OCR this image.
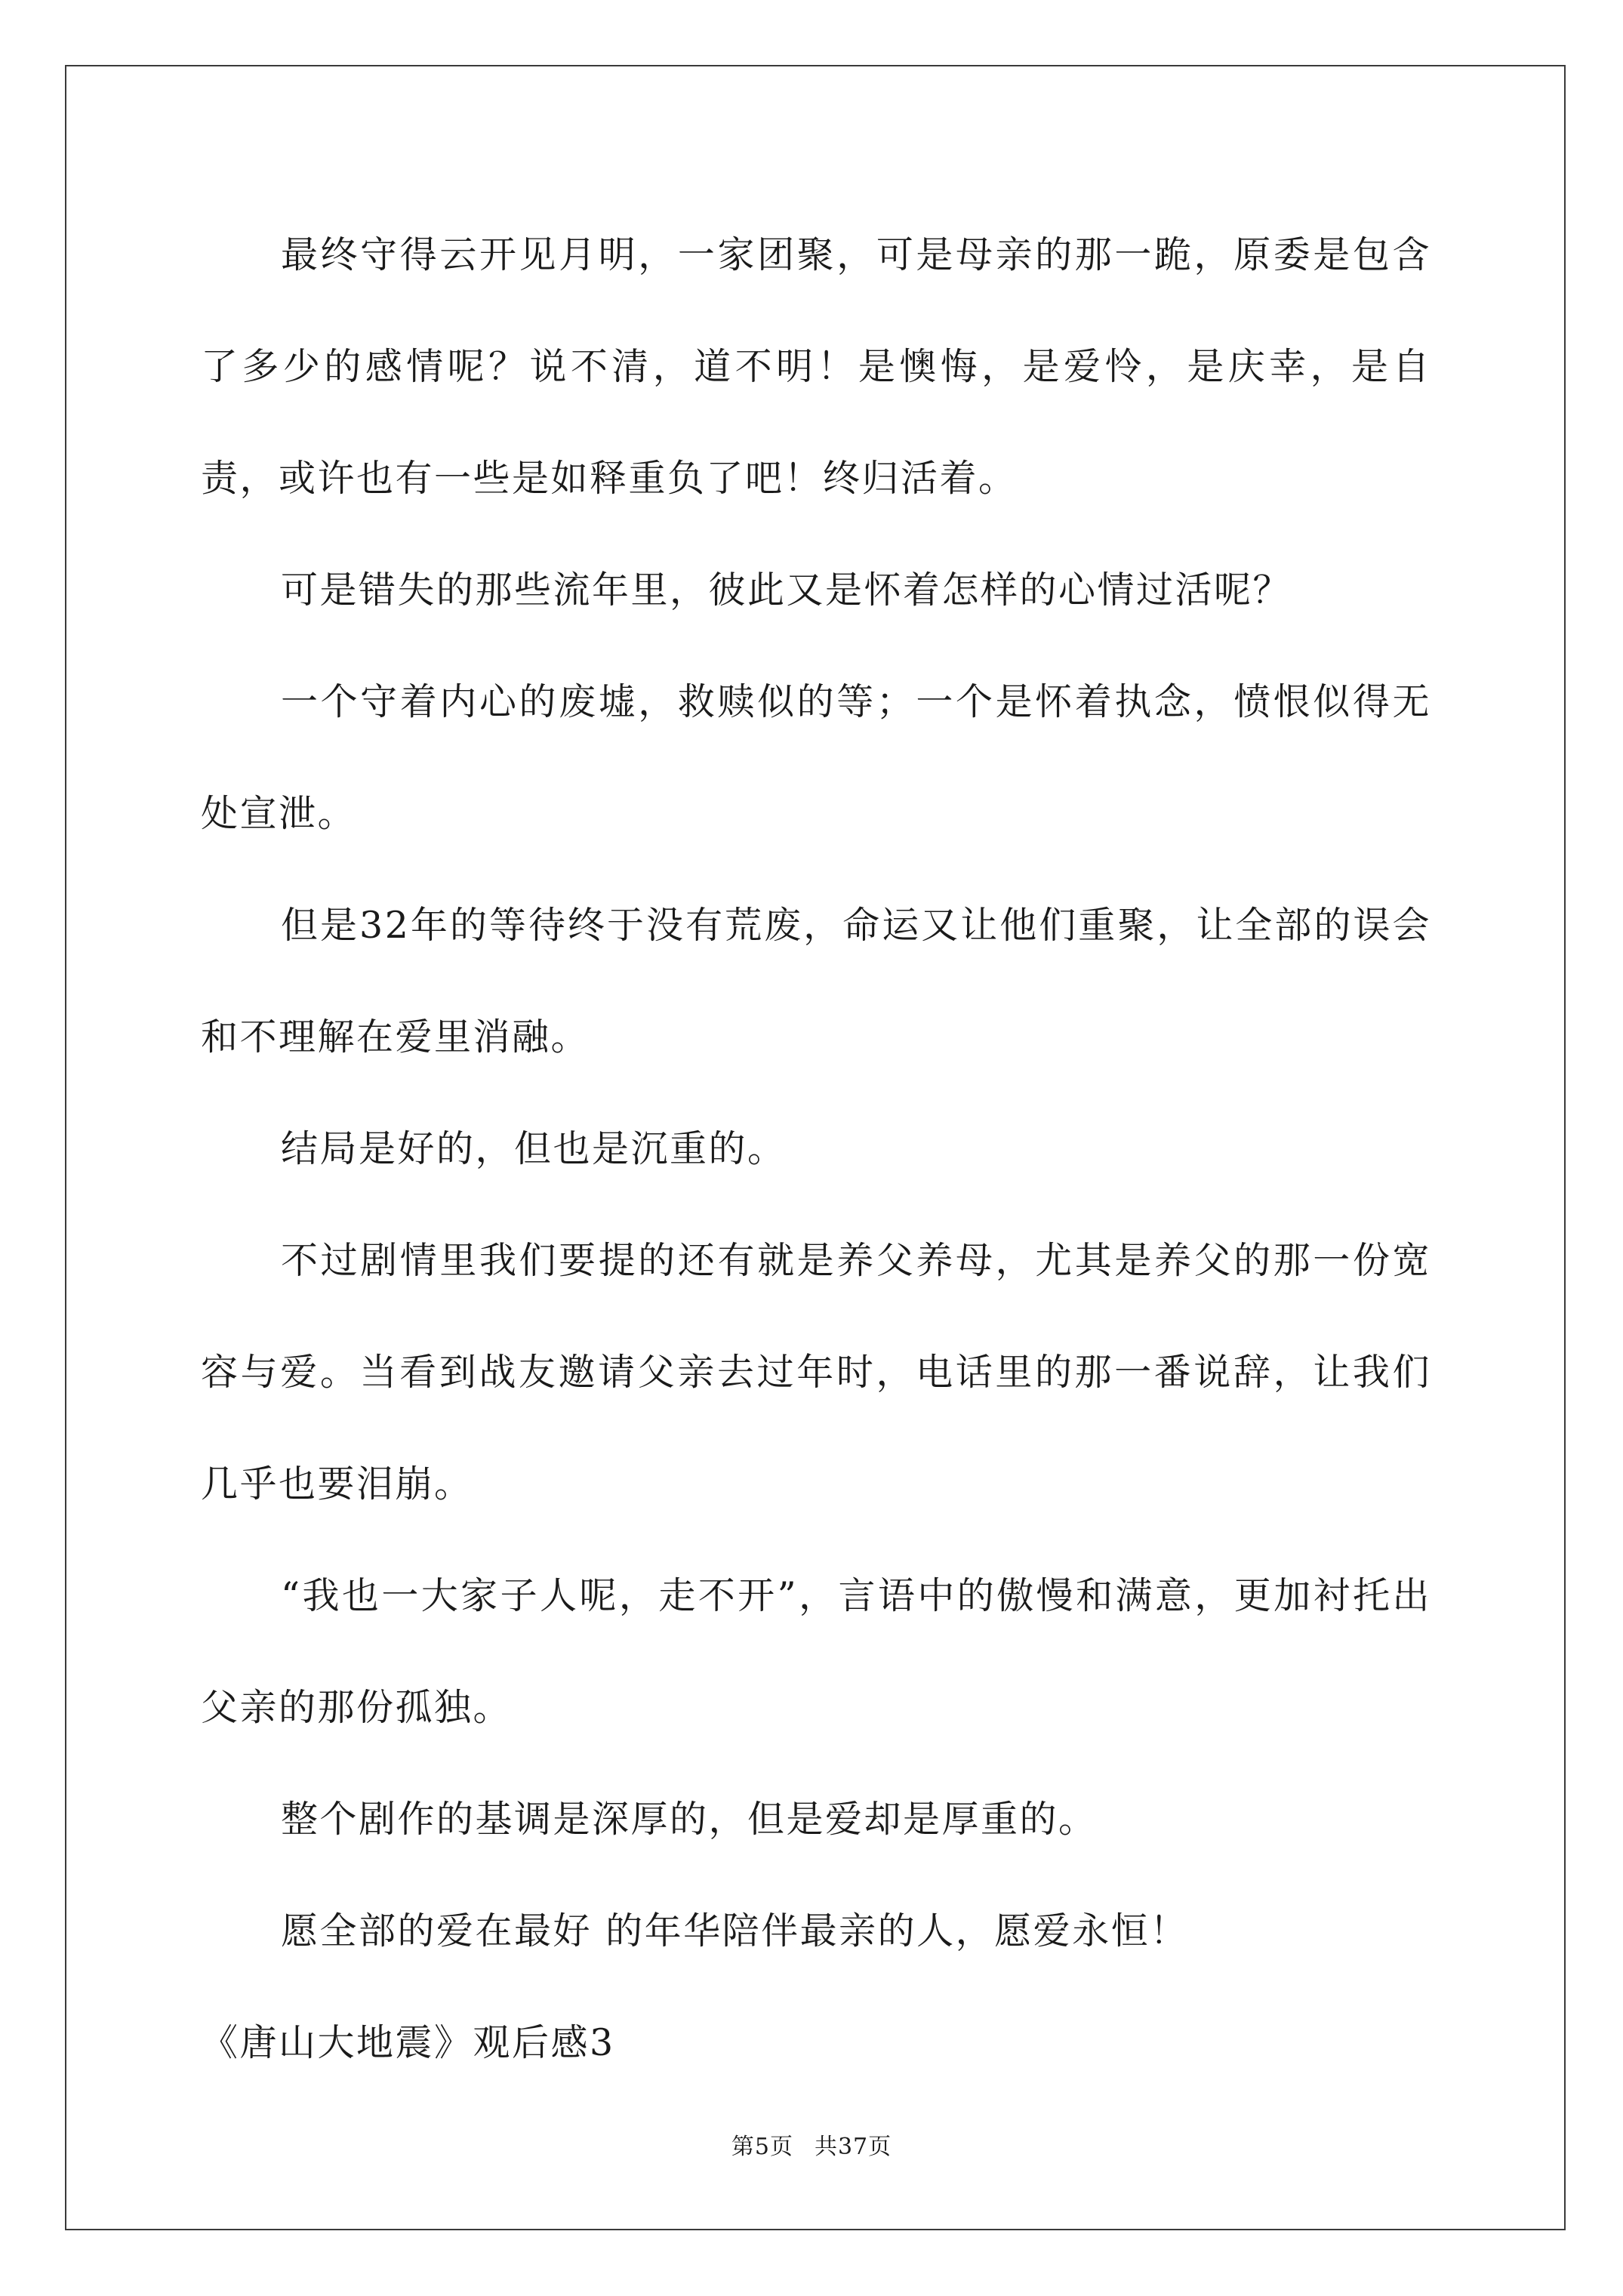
最终守得云开见月明，一家团聚，可是母亲的那一跪，原委是包含了多少的感情呢？说不清，道不明！是懊悔，是爱怜，是庆幸，是自责，或许也有一些是如释重负了吧！终归活着。

可是错失的那些流年里，彼此又是怀着怎样的心情过活呢？

一个守着内心的废墟，救赎似的等；一个是怀着执念，愤恨似得无处宣泄。

但是32年的等待终于没有荒废，命运又让他们重聚，让全部的误会和不理解在爱里消融。

结局是好的，但也是沉重的。

不过剧情里我们要提的还有就是养父养母，尤其是养父的那一份宽容与爱。当看到战友邀请父亲去过年时，电话里的那一番说辞，让我们几乎也要泪崩。

“我也一大家子人呢，走不开”，言语中的傲慢和满意，更加衬托出父亲的那份孤独。

整个剧作的基调是深厚的，但是爱却是厚重的。

愿全部的爱在最好 的年华陪伴最亲的人，愿爱永恒！

《唐山大地震》观后感3

第5页 共37页
